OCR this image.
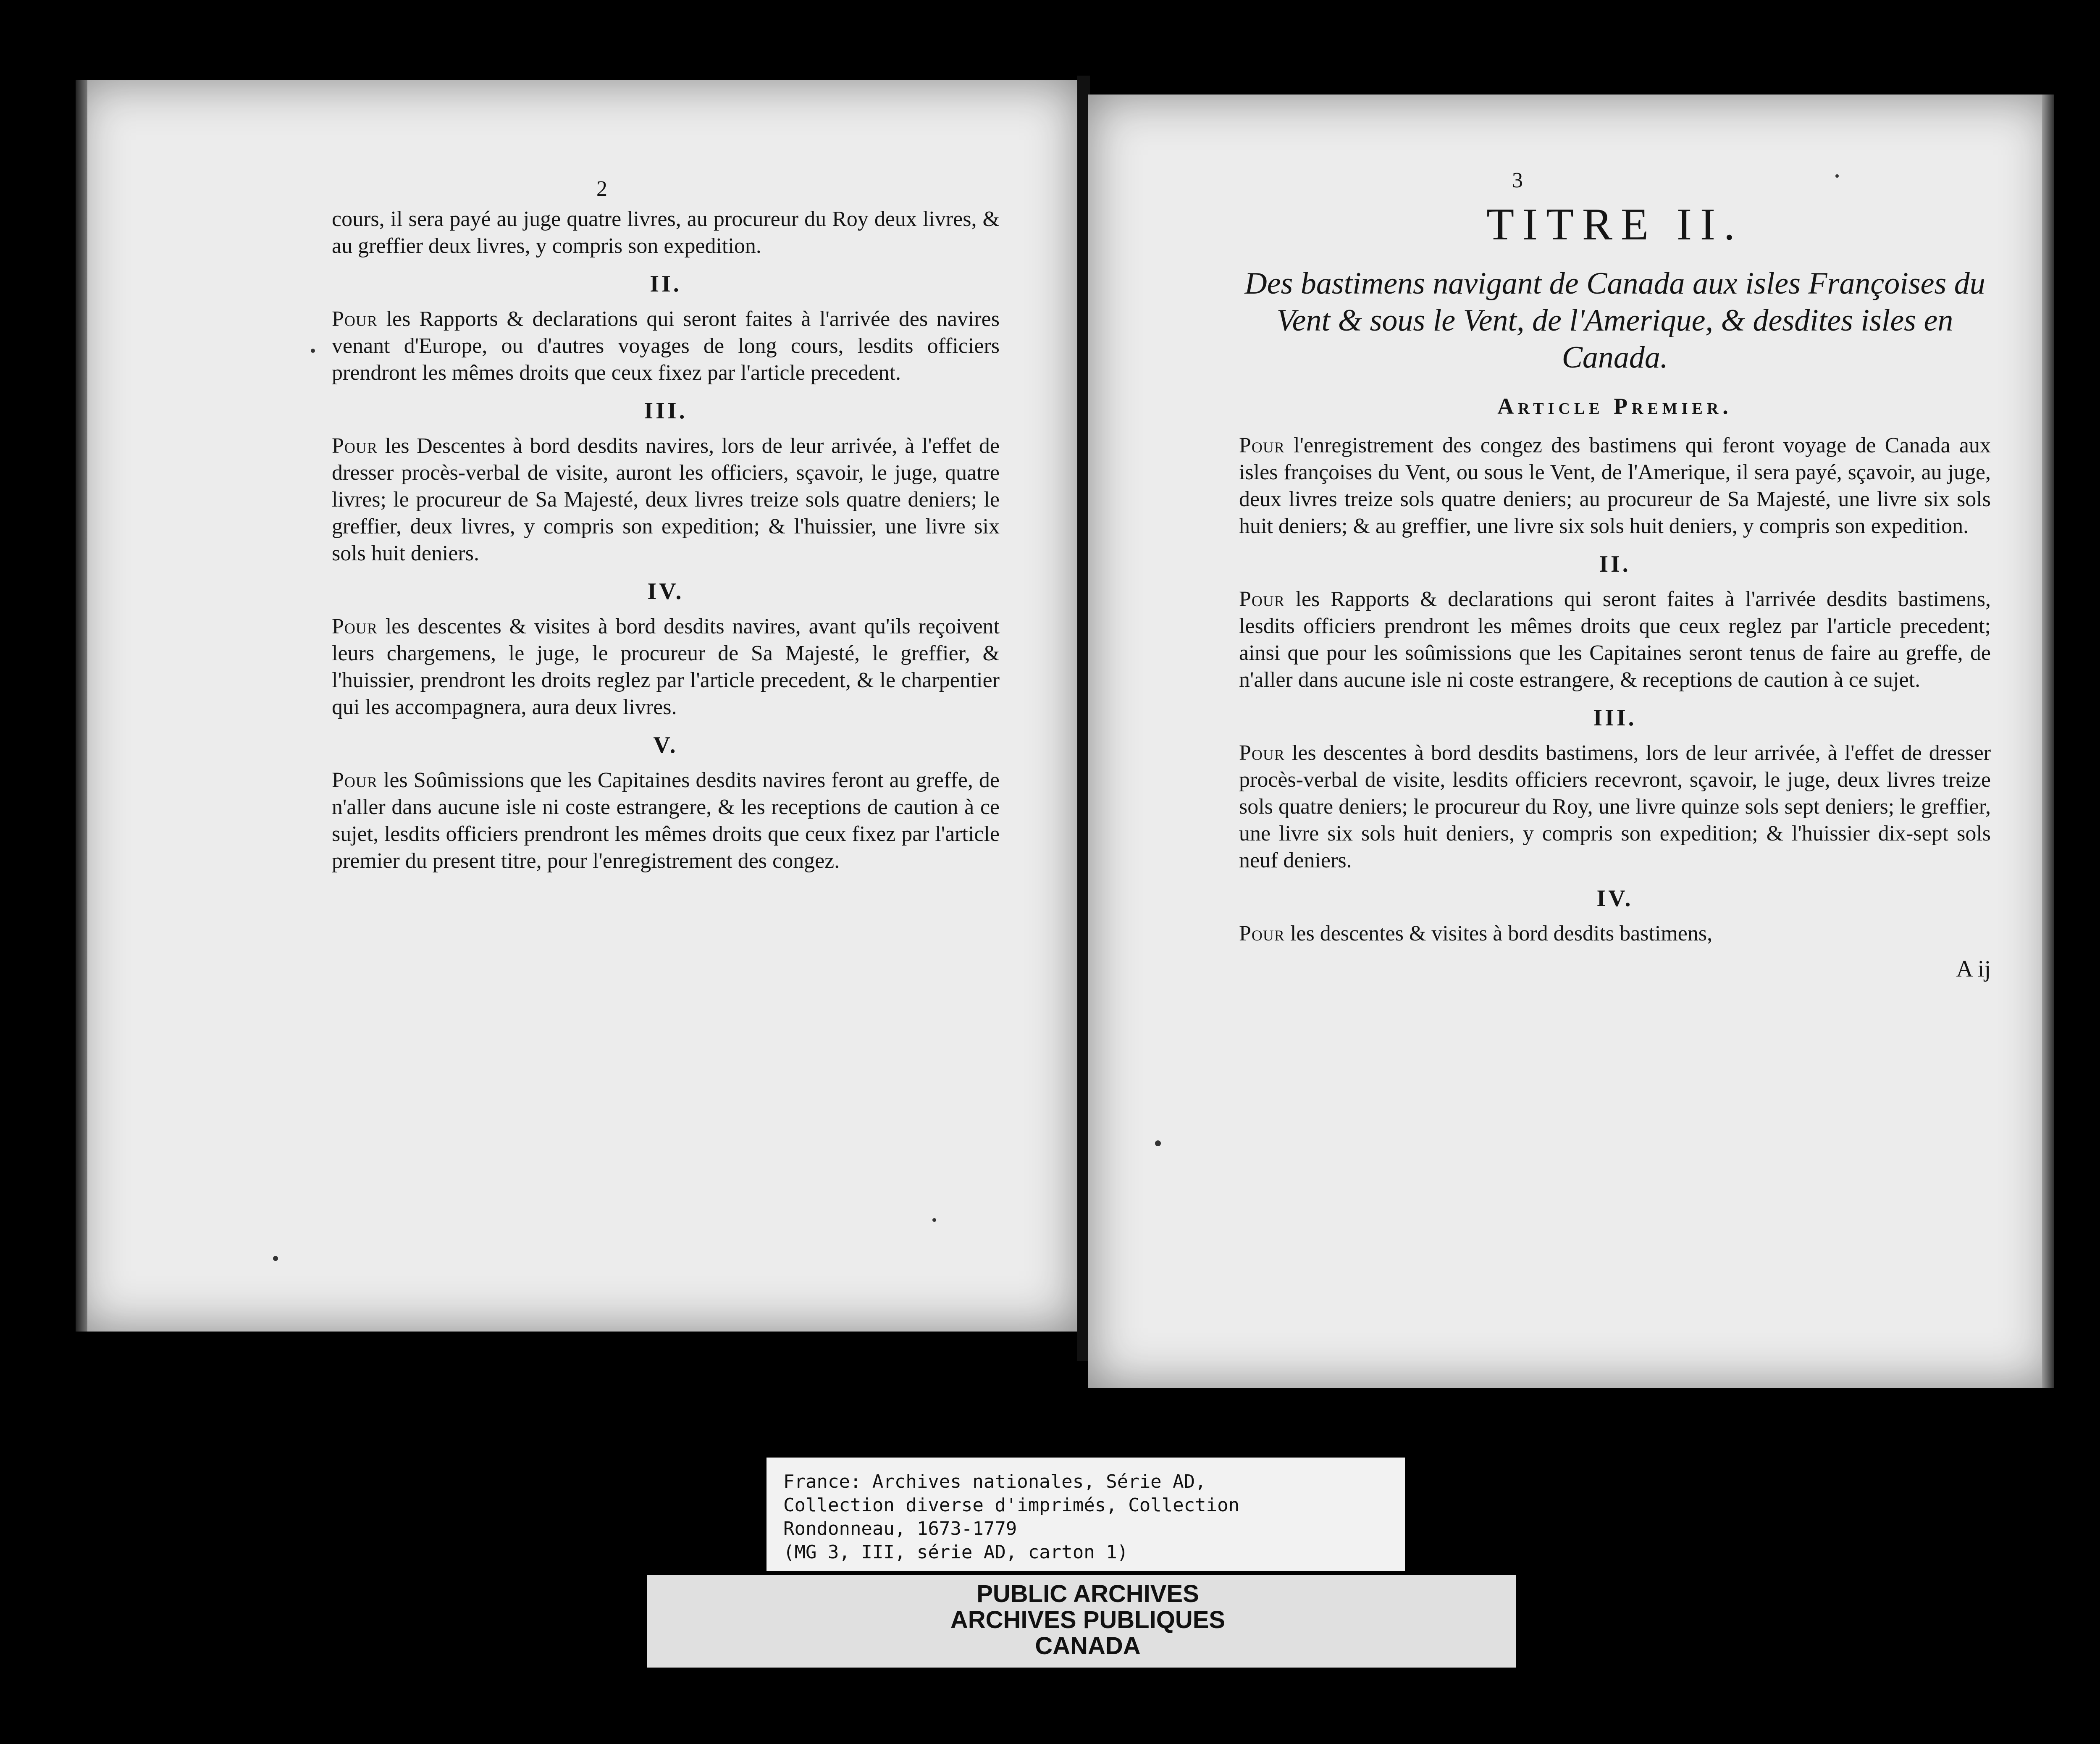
2

cours, il sera payé au juge quatre livres, au procureur du Roy deux livres, & au greffier deux livres, y compris son expedition.

II.

Pour les Rapports & declarations qui seront faites à l'arrivée des navires venant d'Europe, ou d'autres voyages de long cours, lesdits officiers prendront les mêmes droits que ceux fixez par l'article precedent.

III.

Pour les Descentes à bord desdits navires, lors de leur arrivée, à l'effet de dresser procès-verbal de visite, auront les officiers, sçavoir, le juge, quatre livres; le procureur de Sa Majesté, deux livres treize sols quatre deniers; le greffier, deux livres, y compris son expedition; & l'huissier, une livre six sols huit deniers.

IV.

Pour les descentes & visites à bord desdits navires, avant qu'ils reçoivent leurs chargemens, le juge, le procureur de Sa Majesté, le greffier, & l'huissier, prendront les droits reglez par l'article precedent, & le charpentier qui les accompagnera, aura deux livres.

V.

Pour les Soûmissions que les Capitaines desdits navires feront au greffe, de n'aller dans aucune isle ni coste estrangere, & les receptions de caution à ce sujet, lesdits officiers prendront les mêmes droits que ceux fixez par l'article premier du present titre, pour l'enregistrement des congez.

3
TITRE II.
Des bastimens navigant de Canada aux isles Françoises du Vent & sous le Vent, de l'Amerique, & desdites isles en Canada.
Article Premier.

Pour l'enregistrement des congez des bastimens qui feront voyage de Canada aux isles françoises du Vent, ou sous le Vent, de l'Amerique, il sera payé, sçavoir, au juge, deux livres treize sols quatre deniers; au procureur de Sa Majesté, une livre six sols huit deniers; & au greffier, une livre six sols huit deniers, y compris son expedition.

II.

Pour les Rapports & declarations qui seront faites à l'arrivée desdits bastimens, lesdits officiers prendront les mêmes droits que ceux reglez par l'article precedent; ainsi que pour les soûmissions que les Capitaines seront tenus de faire au greffe, de n'aller dans aucune isle ni coste estrangere, & receptions de caution à ce sujet.

III.

Pour les descentes à bord desdits bastimens, lors de leur arrivée, à l'effet de dresser procès-verbal de visite, lesdits officiers recevront, sçavoir, le juge, deux livres treize sols quatre deniers; le procureur du Roy, une livre quinze sols sept deniers; le greffier, une livre six sols huit deniers, y compris son expedition; & l'huissier dix-sept sols neuf deniers.

IV.

Pour les descentes & visites à bord desdits bastimens,

A ij
France: Archives nationales, Série AD,
Collection diverse d'imprimés, Collection
Rondonneau, 1673-1779
(MG 3, III, série AD, carton 1)
PUBLIC ARCHIVES
ARCHIVES PUBLIQUES
CANADA
